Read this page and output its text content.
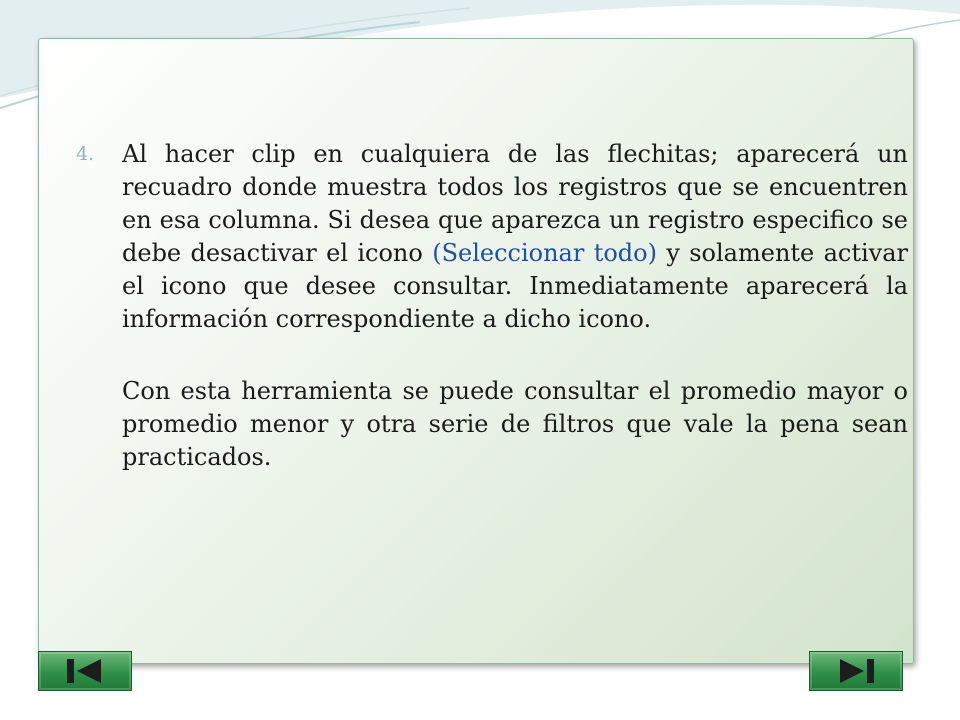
4. Al hacer clip en cualquiera de las flechitas; aparecerá un recuadro donde muestra todos los registros que se encuentren en esa columna. Si desea que aparezca un registro especifico se debe desactivar el icono (Seleccionar todo) y solamente activar el icono que desee consultar. Inmediatamente aparecerá la información correspondiente a dicho icono.
Con esta herramienta se puede consultar el promedio mayor o promedio menor y otra serie de filtros que vale la pena sean practicados.
